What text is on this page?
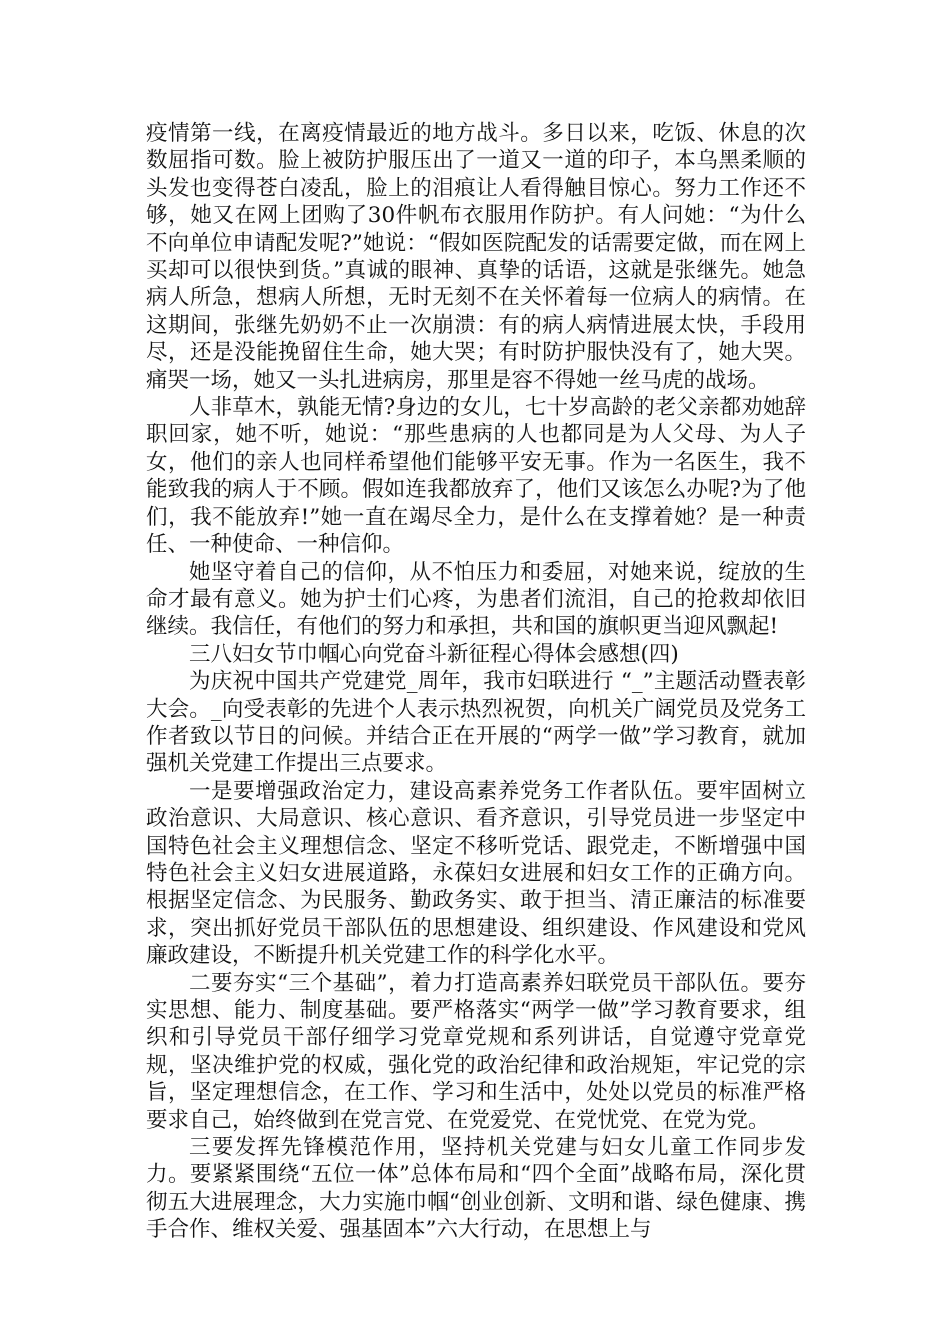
疫情第一线，在离疫情最近的地方战斗。多日以来，吃饭、休息的次数屈指可数。脸上被防护服压出了一道又一道的印子，本乌黑柔顺的头发也变得苍白凌乱，脸上的泪痕让人看得触目惊心。努力工作还不够，她又在网上团购了30件帆布衣服用作防护。有人问她：“为什么不向单位申请配发呢?”她说：“假如医院配发的话需要定做，而在网上买却可以很快到货。”真诚的眼神、真挚的话语，这就是张继先。她急病人所急，想病人所想，无时无刻不在关怀着每一位病人的病情。在这期间，张继先奶奶不止一次崩溃：有的病人病情进展太快，手段用尽，还是没能挽留住生命，她大哭；有时防护服快没有了，她大哭。痛哭一场，她又一头扎进病房，那里是容不得她一丝马虎的战场。

人非草木，孰能无情?身边的女儿，七十岁高龄的老父亲都劝她辞职回家，她不听，她说：“那些患病的人也都同是为人父母、为人子女，他们的亲人也同样希望他们能够平安无事。作为一名医生，我不能致我的病人于不顾。假如连我都放弃了，他们又该怎么办呢?为了他们，我不能放弃!”她一直在竭尽全力，是什么在支撑着她？是一种责任、一种使命、一种信仰。

她坚守着自己的信仰，从不怕压力和委屈，对她来说，绽放的生命才最有意义。她为护士们心疼，为患者们流泪，自己的抢救却依旧继续。我信任，有他们的努力和承担，共和国的旗帜更当迎风飘起!

三八妇女节巾帼心向党奋斗新征程心得体会感想(四)

为庆祝中国共产党建党_周年，我市妇联进行 “_”主题活动暨表彰大会。_向受表彰的先进个人表示热烈祝贺，向机关广阔党员及党务工作者致以节日的问候。并结合正在开展的“两学一做”学习教育，就加强机关党建工作提出三点要求。

一是要增强政治定力，建设高素养党务工作者队伍。要牢固树立政治意识、大局意识、核心意识、看齐意识，引导党员进一步坚定中国特色社会主义理想信念、坚定不移听党话、跟党走，不断增强中国特色社会主义妇女进展道路，永葆妇女进展和妇女工作的正确方向。根据坚定信念、为民服务、勤政务实、敢于担当、清正廉洁的标准要求，突出抓好党员干部队伍的思想建设、组织建设、作风建设和党风廉政建设，不断提升机关党建工作的科学化水平。

二要夯实“三个基础”，着力打造高素养妇联党员干部队伍。要夯实思想、能力、制度基础。要严格落实“两学一做”学习教育要求，组织和引导党员干部仔细学习党章党规和系列讲话，自觉遵守党章党规，坚决维护党的权威，强化党的政治纪律和政治规矩，牢记党的宗旨，坚定理想信念，在工作、学习和生活中，处处以党员的标准严格要求自己，始终做到在党言党、在党爱党、在党忧党、在党为党。

三要发挥先锋模范作用，坚持机关党建与妇女儿童工作同步发力。要紧紧围绕“五位一体”总体布局和“四个全面”战略布局，深化贯彻五大进展理念，大力实施巾帼“创业创新、文明和谐、绿色健康、携手合作、维权关爱、强基固本”六大行动，在思想上与
